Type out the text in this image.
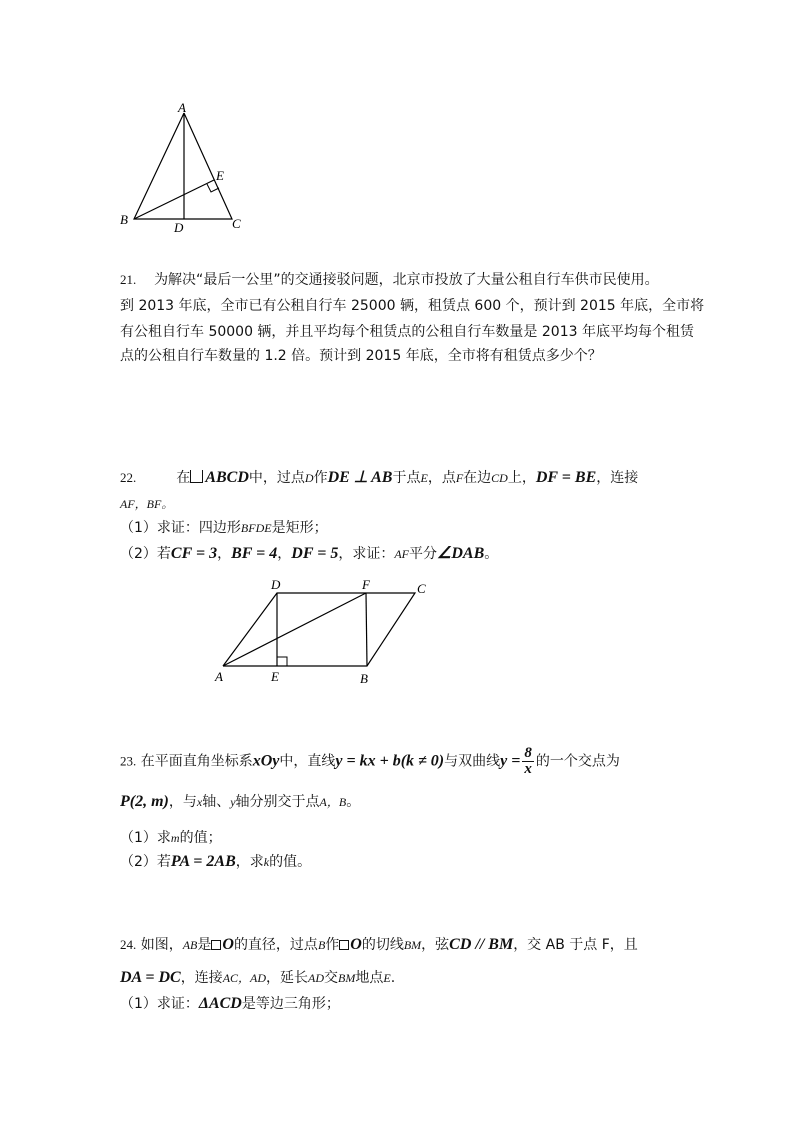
A
B	C
D
E
21. 为解决“最后一公里”的交通接驳问题，北京市投放了大量公租自行车供市民使用。
到 2013 年底，全市已有公租自行车 25000 辆，租赁点 600 个，预计到 2015 年底，全市将
有公租自行车 50000 辆，并且平均每个租赁点的公租自行车数量是 2013 年底平均每个租赁
点的公租自行车数量的 1.2 倍。预计到 2015 年底，全市将有租赁点多少个？
22.	在 ABCD中，过点D作DE ⊥ AB于点E，点F在边CD上，DF = BE，连接
AF，BF。
（1）求证：四边形BFDE是矩形；
（2）若CF = 3，BF = 4，DF = 5，求证：AF平分∠DAB。
A	B
C
D
E
F
23. 在平面直角坐标系xOy中，直线y = kx + b(k ≠ 0)与双曲线$y = \frac{8}{x}$ 的一个交点为
P(2, m)，与x轴、y轴分别交于点A，B。
（1）求m的值；
（2）若PA = 2AB，求k的值。
24. 如图，AB是 O的直径，过点B作 O的切线BM，弦CD // BM，交 AB 于点 F，且
DA = DC，连接AC，AD，延长AD交BM地点E.
（1）求证：ΔACD是等边三角形；
